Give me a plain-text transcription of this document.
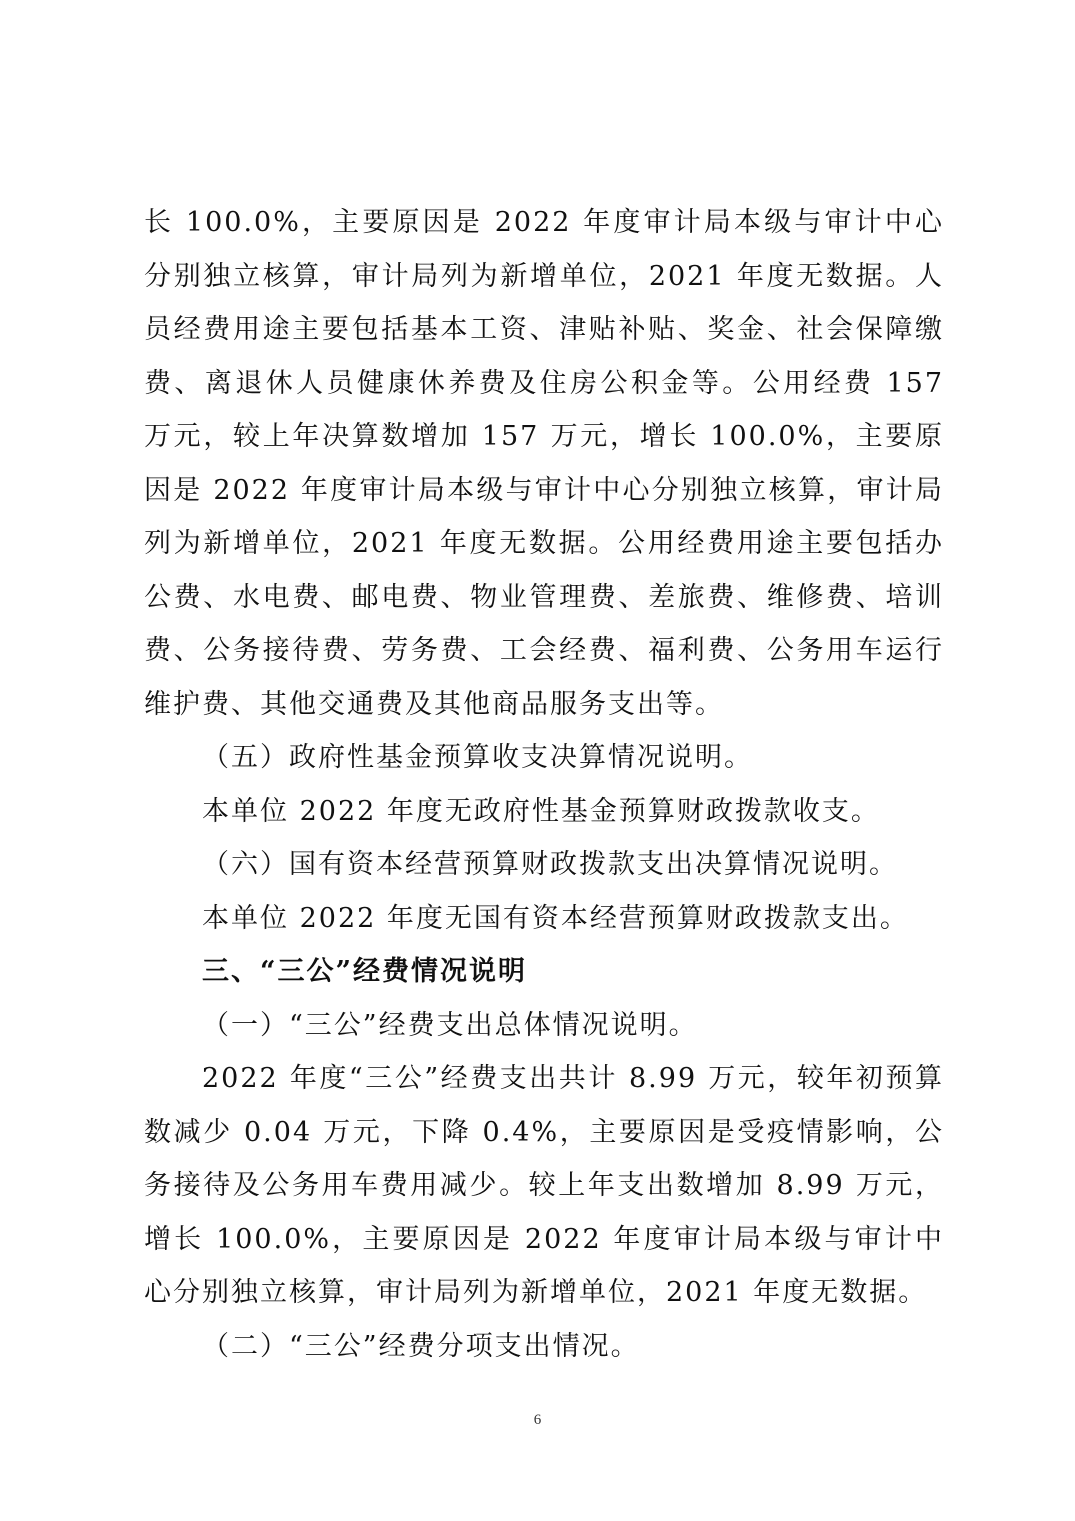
长 100.0%，主要原因是 2022 年度审计局本级与审计中心分别独立核算，审计局列为新增单位，2021 年度无数据。人员经费用途主要包括基本工资、津贴补贴、奖金、社会保障缴费、离退休人员健康休养费及住房公积金等。公用经费 157 万元，较上年决算数增加 157 万元，增长 100.0%，主要原因是 2022 年度审计局本级与审计中心分别独立核算，审计局列为新增单位，2021 年度无数据。公用经费用途主要包括办公费、水电费、邮电费、物业管理费、差旅费、维修费、培训费、公务接待费、劳务费、工会经费、福利费、公务用车运行维护费、其他交通费及其他商品服务支出等。

（五）政府性基金预算收支决算情况说明。

本单位 2022 年度无政府性基金预算财政拨款收支。

（六）国有资本经营预算财政拨款支出决算情况说明。

本单位 2022 年度无国有资本经营预算财政拨款支出。

三、“三公”经费情况说明

（一）“三公”经费支出总体情况说明。

2022 年度“三公”经费支出共计 8.99 万元，较年初预算数减少 0.04 万元，下降 0.4%，主要原因是受疫情影响，公务接待及公务用车费用减少。较上年支出数增加 8.99 万元，增长 100.0%，主要原因是 2022 年度审计局本级与审计中心分别独立核算，审计局列为新增单位，2021 年度无数据。

（二）“三公”经费分项支出情况。

6
